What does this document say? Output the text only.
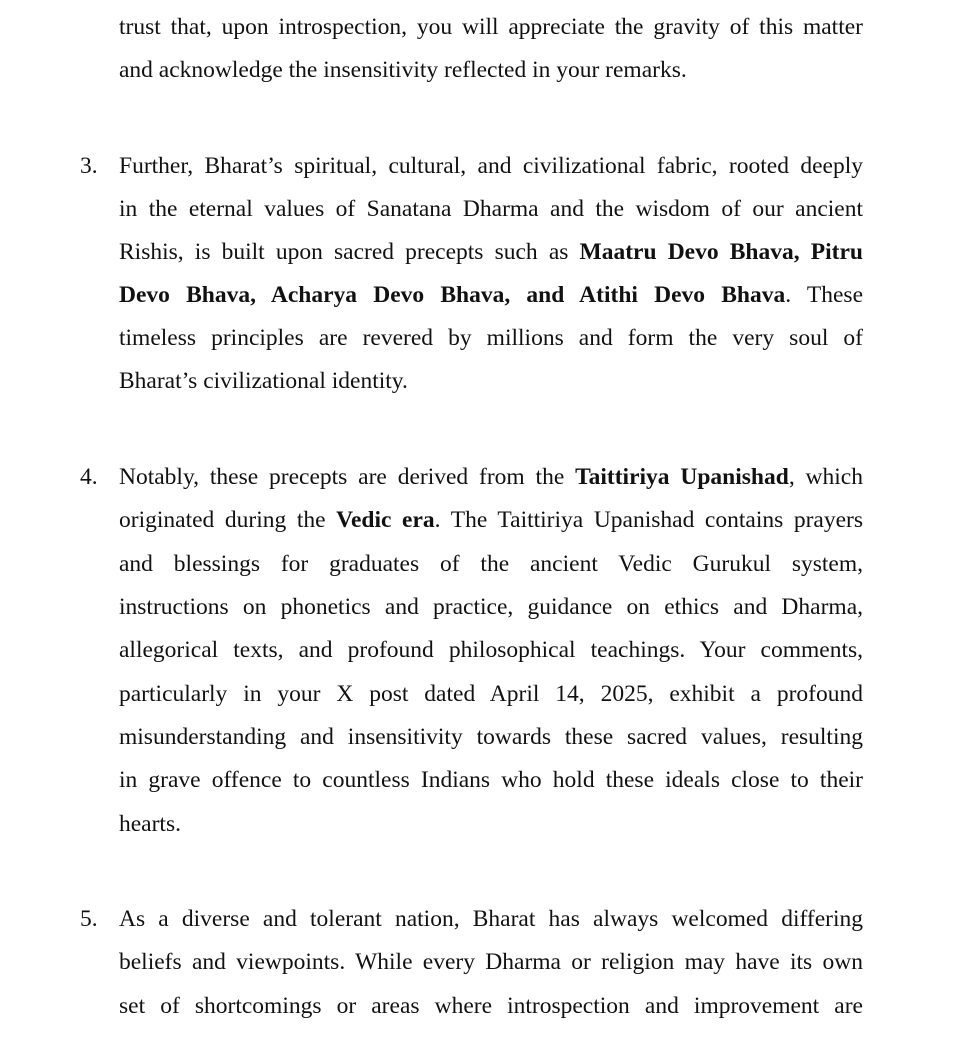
trust that, upon introspection, you will appreciate the gravity of this matter
and acknowledge the insensitivity reflected in your remarks.
3. Further, Bharat’s spiritual, cultural, and civilizational fabric, rooted deeply
in the eternal values of Sanatana Dharma and the wisdom of our ancient
Rishis, is built upon sacred precepts such as Maatru Devo Bhava, Pitru
Devo Bhava, Acharya Devo Bhava, and Atithi Devo Bhava. These
timeless principles are revered by millions and form the very soul of
Bharat’s civilizational identity.
4. Notably, these precepts are derived from the Taittiriya Upanishad, which
originated during the Vedic era. The Taittiriya Upanishad contains prayers
and blessings for graduates of the ancient Vedic Gurukul system,
instructions on phonetics and practice, guidance on ethics and Dharma,
allegorical texts, and profound philosophical teachings. Your comments,
particularly in your X post dated April 14, 2025, exhibit a profound
misunderstanding and insensitivity towards these sacred values, resulting
in grave offence to countless Indians who hold these ideals close to their
hearts.
5. As a diverse and tolerant nation, Bharat has always welcomed differing
beliefs and viewpoints. While every Dharma or religion may have its own
set of shortcomings or areas where introspection and improvement are
